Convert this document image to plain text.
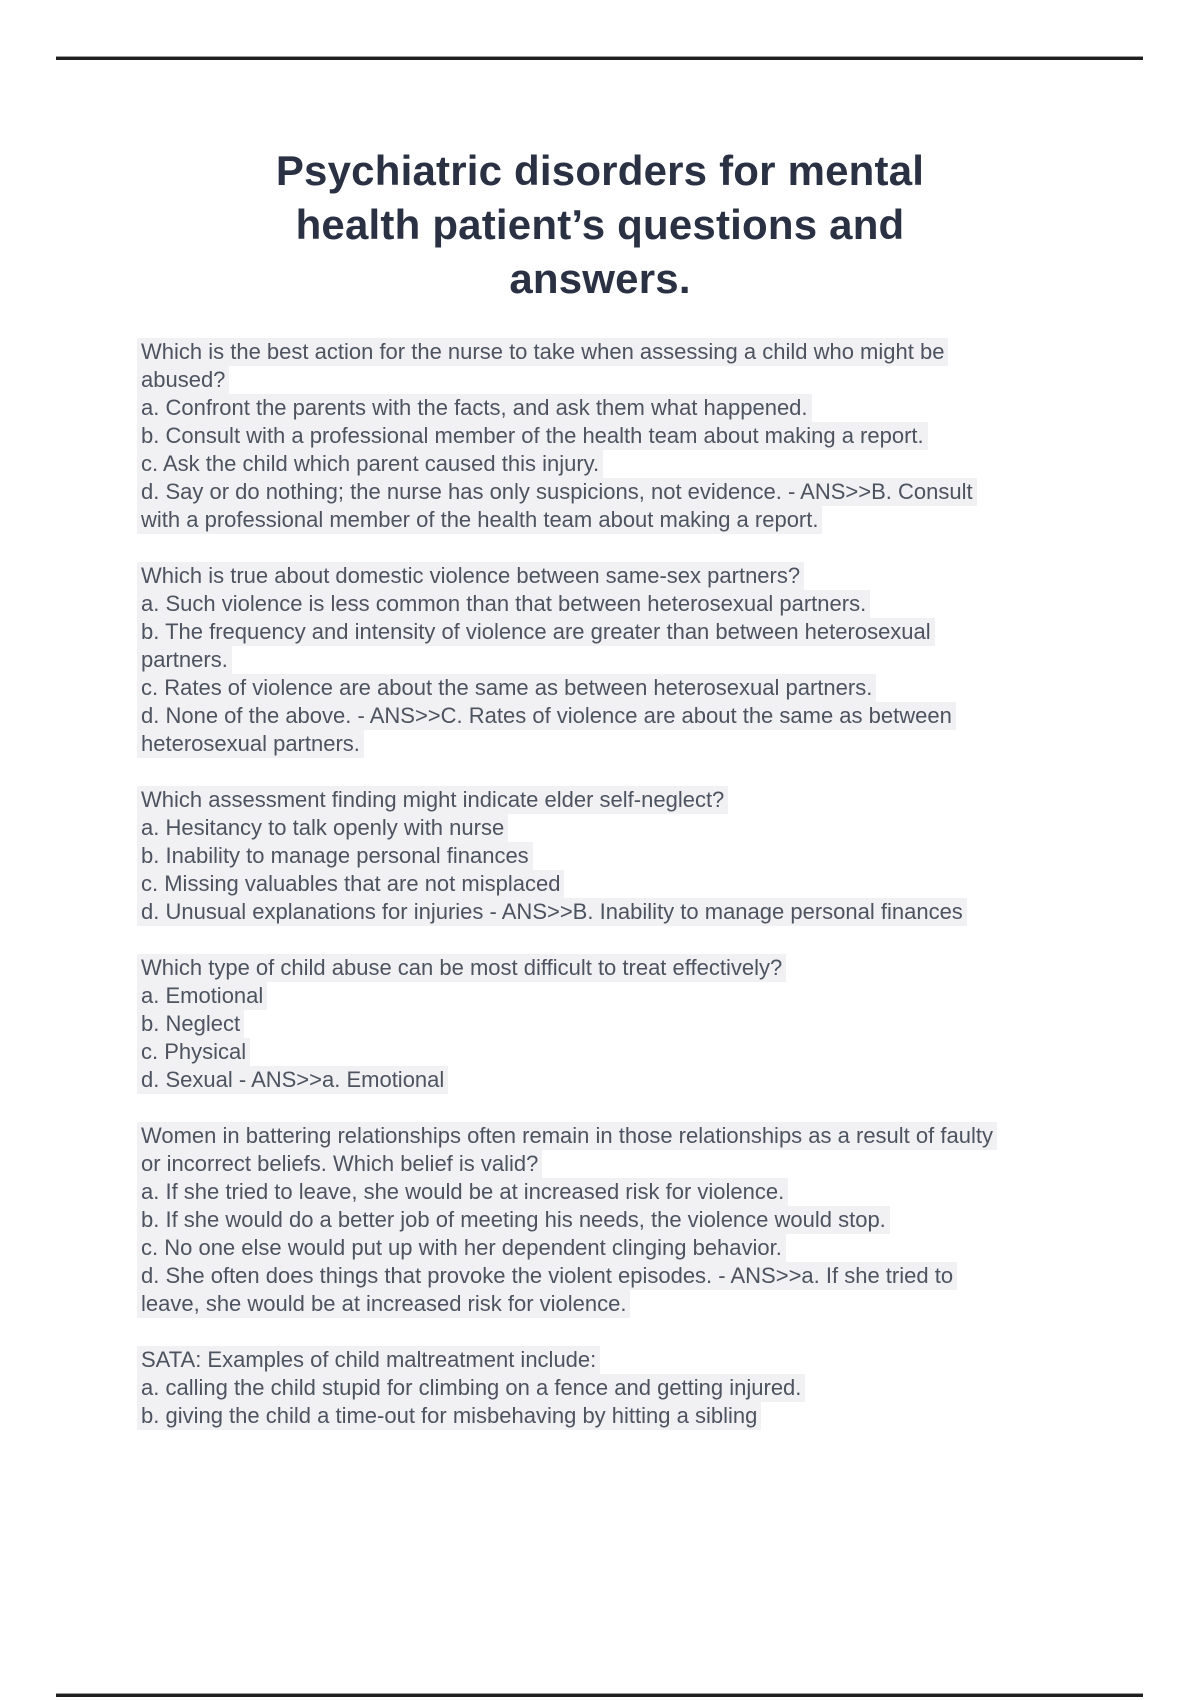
Psychiatric disorders for mental
health patient’s questions and
answers.
Which is the best action for the nurse to take when assessing a child who might be
abused?
a. Confront the parents with the facts, and ask them what happened.
b. Consult with a professional member of the health team about making a report.
c. Ask the child which parent caused this injury.
d. Say or do nothing; the nurse has only suspicions, not evidence. - ANS>>B. Consult
with a professional member of the health team about making a report.
Which is true about domestic violence between same-sex partners?
a. Such violence is less common than that between heterosexual partners.
b. The frequency and intensity of violence are greater than between heterosexual
partners.
c. Rates of violence are about the same as between heterosexual partners.
d. None of the above. - ANS>>C. Rates of violence are about the same as between
heterosexual partners.
Which assessment finding might indicate elder self-neglect?
a. Hesitancy to talk openly with nurse
b. Inability to manage personal finances
c. Missing valuables that are not misplaced
d. Unusual explanations for injuries - ANS>>B. Inability to manage personal finances
Which type of child abuse can be most difficult to treat effectively?
a. Emotional
b. Neglect
c. Physical
d. Sexual - ANS>>a. Emotional
Women in battering relationships often remain in those relationships as a result of faulty
or incorrect beliefs. Which belief is valid?
a. If she tried to leave, she would be at increased risk for violence.
b. If she would do a better job of meeting his needs, the violence would stop.
c. No one else would put up with her dependent clinging behavior.
d. She often does things that provoke the violent episodes. - ANS>>a. If she tried to
leave, she would be at increased risk for violence.
SATA: Examples of child maltreatment include:
a. calling the child stupid for climbing on a fence and getting injured.
b. giving the child a time-out for misbehaving by hitting a sibling
